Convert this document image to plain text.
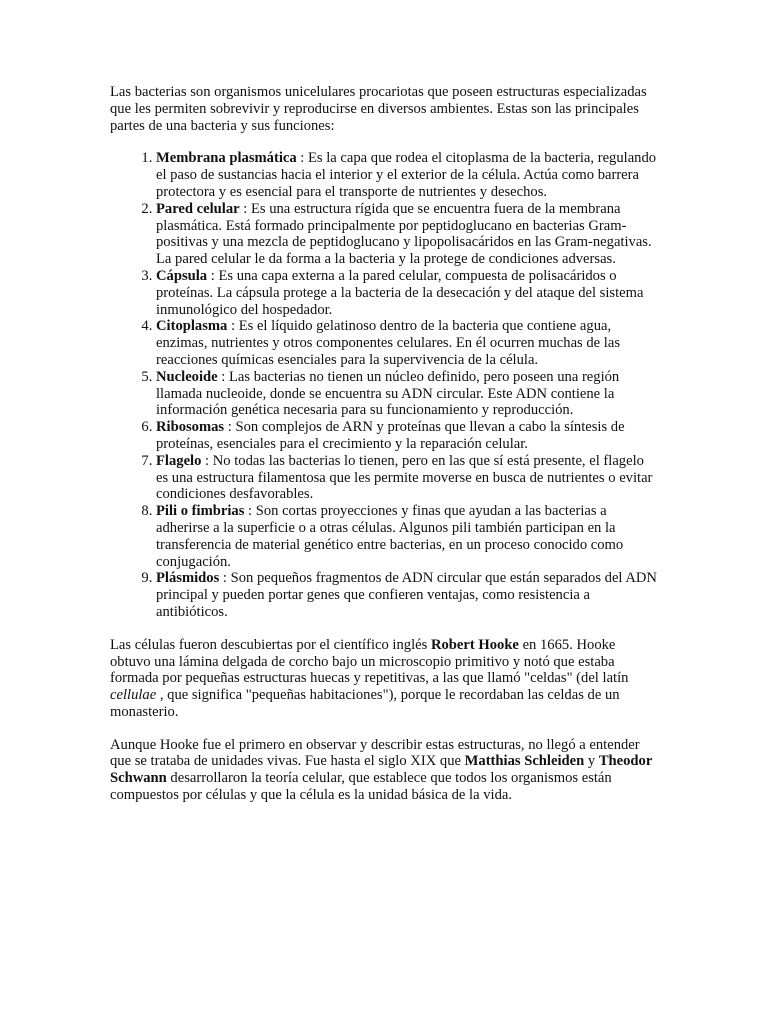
Las bacterias son organismos unicelulares procariotas que poseen estructuras especializadas que les permiten sobrevivir y reproducirse en diversos ambientes. Estas son las principales partes de una bacteria y sus funciones:

1. Membrana plasmática : Es la capa que rodea el citoplasma de la bacteria, regulando el paso de sustancias hacia el interior y el exterior de la célula. Actúa como barrera protectora y es esencial para el transporte de nutrientes y desechos.
2. Pared celular : Es una estructura rígida que se encuentra fuera de la membrana plasmática. Está formado principalmente por peptidoglucano en bacterias Gram-positivas y una mezcla de peptidoglucano y lipopolisacáridos en las Gram-negativas. La pared celular le da forma a la bacteria y la protege de condiciones adversas.
3. Cápsula : Es una capa externa a la pared celular, compuesta de polisacáridos o proteínas. La cápsula protege a la bacteria de la desecación y del ataque del sistema inmunológico del hospedador.
4. Citoplasma : Es el líquido gelatinoso dentro de la bacteria que contiene agua, enzimas, nutrientes y otros componentes celulares. En él ocurren muchas de las reacciones químicas esenciales para la supervivencia de la célula.
5. Nucleoide : Las bacterias no tienen un núcleo definido, pero poseen una región llamada nucleoide, donde se encuentra su ADN circular. Este ADN contiene la información genética necesaria para su funcionamiento y reproducción.
6. Ribosomas : Son complejos de ARN y proteínas que llevan a cabo la síntesis de proteínas, esenciales para el crecimiento y la reparación celular.
7. Flagelo : No todas las bacterias lo tienen, pero en las que sí está presente, el flagelo es una estructura filamentosa que les permite moverse en busca de nutrientes o evitar condiciones desfavorables.
8. Pili o fimbrias : Son cortas proyecciones y finas que ayudan a las bacterias a adherirse a la superficie o a otras células. Algunos pili también participan en la transferencia de material genético entre bacterias, en un proceso conocido como conjugación.
9. Plásmidos : Son pequeños fragmentos de ADN circular que están separados del ADN principal y pueden portar genes que confieren ventajas, como resistencia a antibióticos.

Las células fueron descubiertas por el científico inglés Robert Hooke en 1665. Hooke obtuvo una lámina delgada de corcho bajo un microscopio primitivo y notó que estaba formada por pequeñas estructuras huecas y repetitivas, a las que llamó "celdas" (del latín cellulae , que significa "pequeñas habitaciones"), porque le recordaban las celdas de un monasterio.

Aunque Hooke fue el primero en observar y describir estas estructuras, no llegó a entender que se trataba de unidades vivas. Fue hasta el siglo XIX que Matthias Schleiden y Theodor Schwann desarrollaron la teoría celular, que establece que todos los organismos están compuestos por células y que la célula es la unidad básica de la vida.
